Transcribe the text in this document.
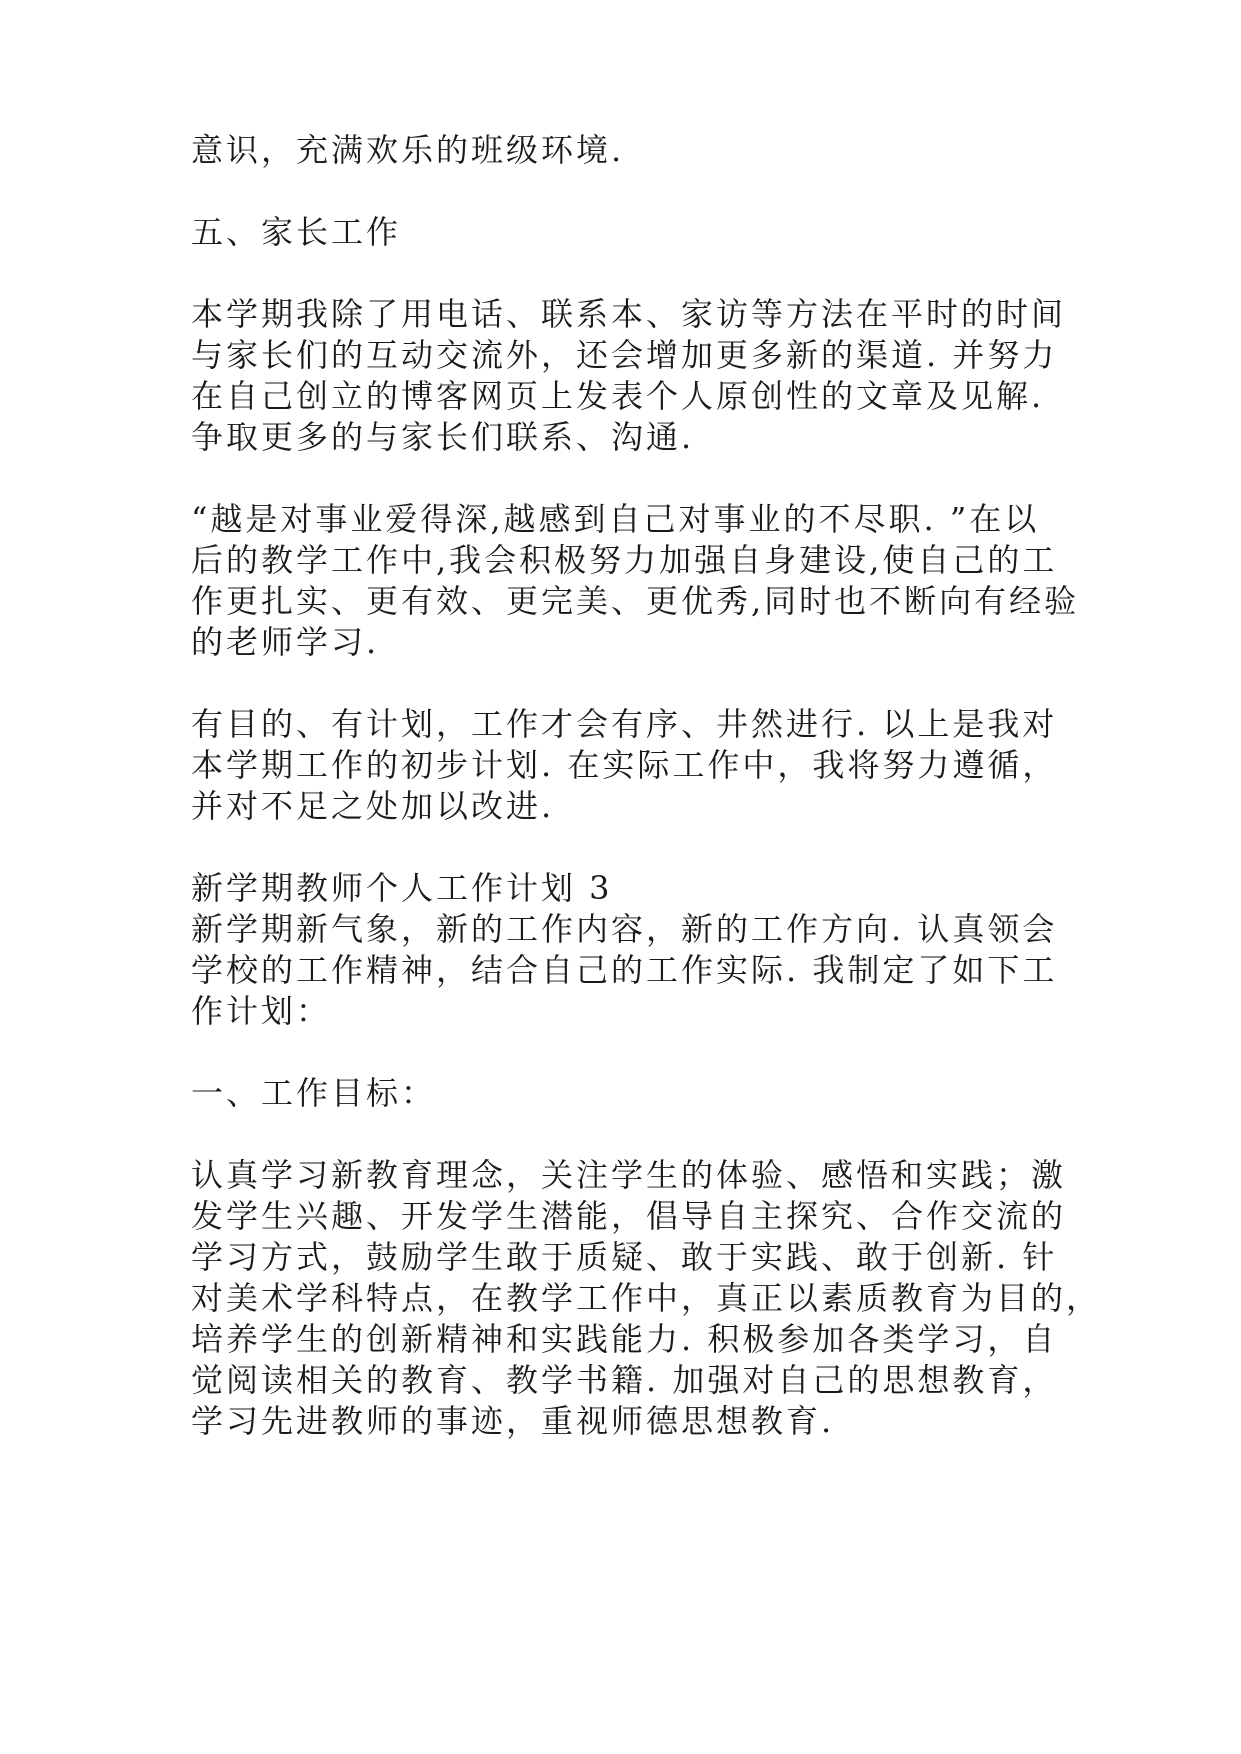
意识，充满欢乐的班级环境.

五、家长工作

本学期我除了用电话、联系本、家访等方法在平时的时间
与家长们的互动交流外，还会增加更多新的渠道. 并努力
在自己创立的博客网页上发表个人原创性的文章及见解.
争取更多的与家长们联系、沟通.

“越是对事业爱得深,越感到自己对事业的不尽职. ”在以
后的教学工作中,我会积极努力加强自身建设,使自己的工
作更扎实、更有效、更完美、更优秀,同时也不断向有经验
的老师学习.

有目的、有计划，工作才会有序、井然进行. 以上是我对
本学期工作的初步计划. 在实际工作中，我将努力遵循，
并对不足之处加以改进.

新学期教师个人工作计划 3
新学期新气象，新的工作内容，新的工作方向. 认真领会
学校的工作精神，结合自己的工作实际. 我制定了如下工
作计划：

一、工作目标：

认真学习新教育理念，关注学生的体验、感悟和实践；激
发学生兴趣、开发学生潜能，倡导自主探究、合作交流的
学习方式，鼓励学生敢于质疑、敢于实践、敢于创新. 针
对美术学科特点，在教学工作中，真正以素质教育为目的，
培养学生的创新精神和实践能力. 积极参加各类学习，自
觉阅读相关的教育、教学书籍. 加强对自己的思想教育，
学习先进教师的事迹，重视师德思想教育.
